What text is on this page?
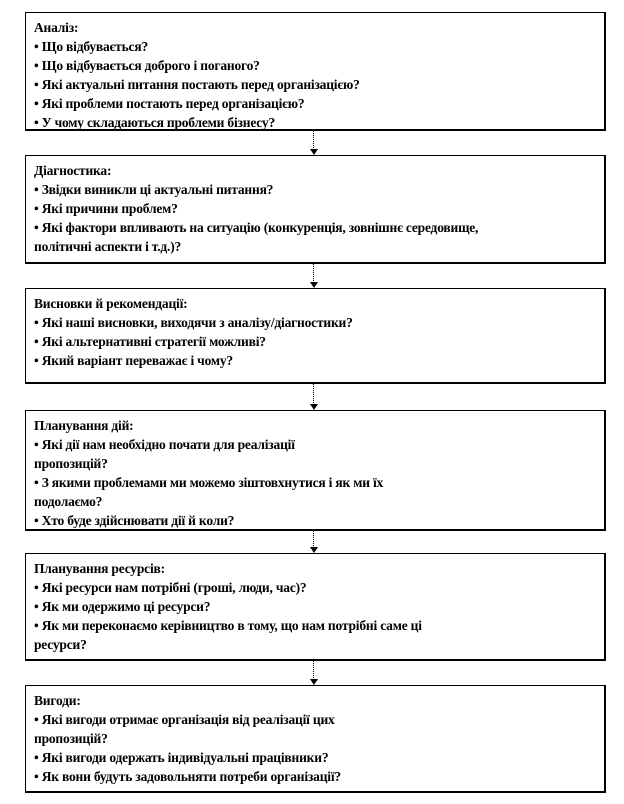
Аналіз:
• Що відбувається?
• Що відбувається доброго і поганого?
• Які актуальні питання постають перед організацією?
• Які проблеми постають перед організацією?
• У чому складаються проблеми бізнесу?
Діагностика:
• Звідки виникли ці актуальні питання?
• Які причини проблем?
• Які фактори впливають на ситуацію (конкуренція, зовнішнє середовище,
політичні аспекти і т.д.)?
Висновки й рекомендації:
• Які наші висновки, виходячи з аналізу/діагностики?
• Які альтернативні стратегії можливі?
• Який варіант переважає і чому?
Планування дій:
• Які дії нам необхідно почати для реалізації
пропозицій?
• З якими проблемами ми можемо зіштовхнутися і як ми їх
подолаємо?
• Хто буде здійснювати дії й коли?
Планування ресурсів:
• Які ресурси нам потрібні (гроші, люди, час)?
• Як ми одержимо ці ресурси?
• Як ми переконаємо керівництво в тому, що нам потрібні саме ці
ресурси?
Вигоди:
• Які вигоди отримає організація від реалізації цих
пропозицій?
• Які вигоди одержать індивідуальні працівники?
• Як вони будуть задовольняти потреби організації?
